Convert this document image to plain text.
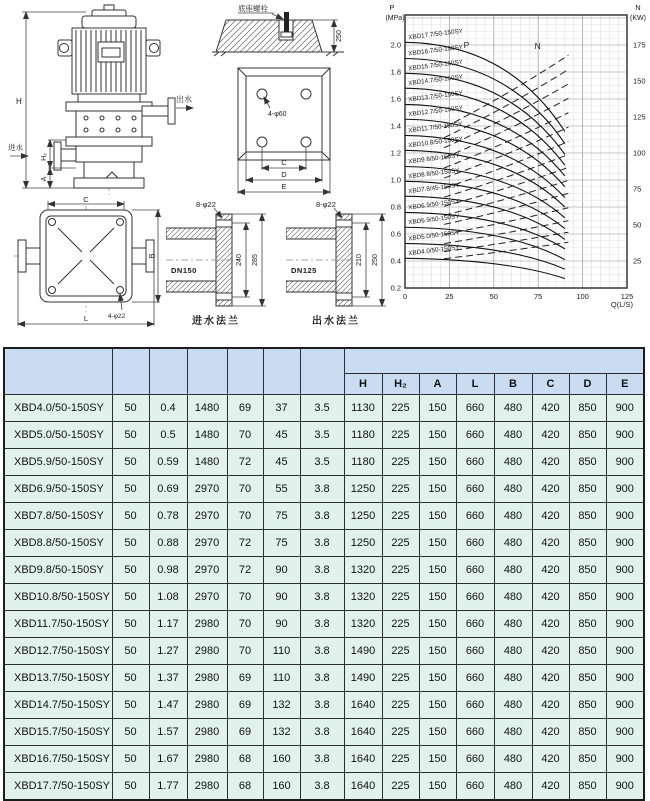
出水
进水
H
H₂
A
底座螺栓
250
4-φ60
C
D
E
C
B
L	4-φ22
8-φ22
DN150
240 285
进水法兰
8-φ22
DN125
210 250
出水法兰
0.2
0.4
0.6
0.8
1.0
1.2
1.4
1.6
1.8
2.0
25
50
75
100
125
150
175
0	25	50	75	100	125
P
(MPa)
N
(KW)
Q(L/S)
XBD17.7/50-150SY
XBD16.7/50-150SY
XBD15.7/50-150SY
XBD14.7/50-150SY
XBD13.7/50-150SY
XBD12.7/50-150SY
XBD11.7/50-150SY
XBD10.8/50-150SY
XBD9.8/50-150SY
XBD8.8/50-150SY
XBD7.8/45-150SY
XBD6.9/50-150SY
XBD5.9/50-150SY
XBD5.0/50-150SY
XBD4.0/50-150SY
P	N

							H	H₂	A	L	B	C	D	E
XBD4.0/50-150SY	50	0.4	1480	69	37	3.5	1130	225	150	660	480	420	850	900
XBD5.0/50-150SY	50	0.5	1480	70	45	3.5	1180	225	150	660	480	420	850	900
XBD5.9/50-150SY	50	0.59	1480	72	45	3.5	1180	225	150	660	480	420	850	900
XBD6.9/50-150SY	50	0.69	2970	70	55	3.8	1250	225	150	660	480	420	850	900
XBD7.8/50-150SY	50	0.78	2970	70	75	3.8	1250	225	150	660	480	420	850	900
XBD8.8/50-150SY	50	0.88	2970	72	75	3.8	1250	225	150	660	480	420	850	900
XBD9.8/50-150SY	50	0.98	2970	72	90	3.8	1320	225	150	660	480	420	850	900
XBD10.8/50-150SY	50	1.08	2970	70	90	3.8	1320	225	150	660	480	420	850	900
XBD11.7/50-150SY	50	1.17	2980	70	90	3.8	1320	225	150	660	480	420	850	900
XBD12.7/50-150SY	50	1.27	2980	70	110	3.8	1490	225	150	660	480	420	850	900
XBD13.7/50-150SY	50	1.37	2980	69	110	3.8	1490	225	150	660	480	420	850	900
XBD14.7/50-150SY	50	1.47	2980	69	132	3.8	1640	225	150	660	480	420	850	900
XBD15.7/50-150SY	50	1.57	2980	69	132	3.8	1640	225	150	660	480	420	850	900
XBD16.7/50-150SY	50	1.67	2980	68	160	3.8	1640	225	150	660	480	420	850	900
XBD17.7/50-150SY	50	1.77	2980	68	160	3.8	1640	225	150	660	480	420	850	900
